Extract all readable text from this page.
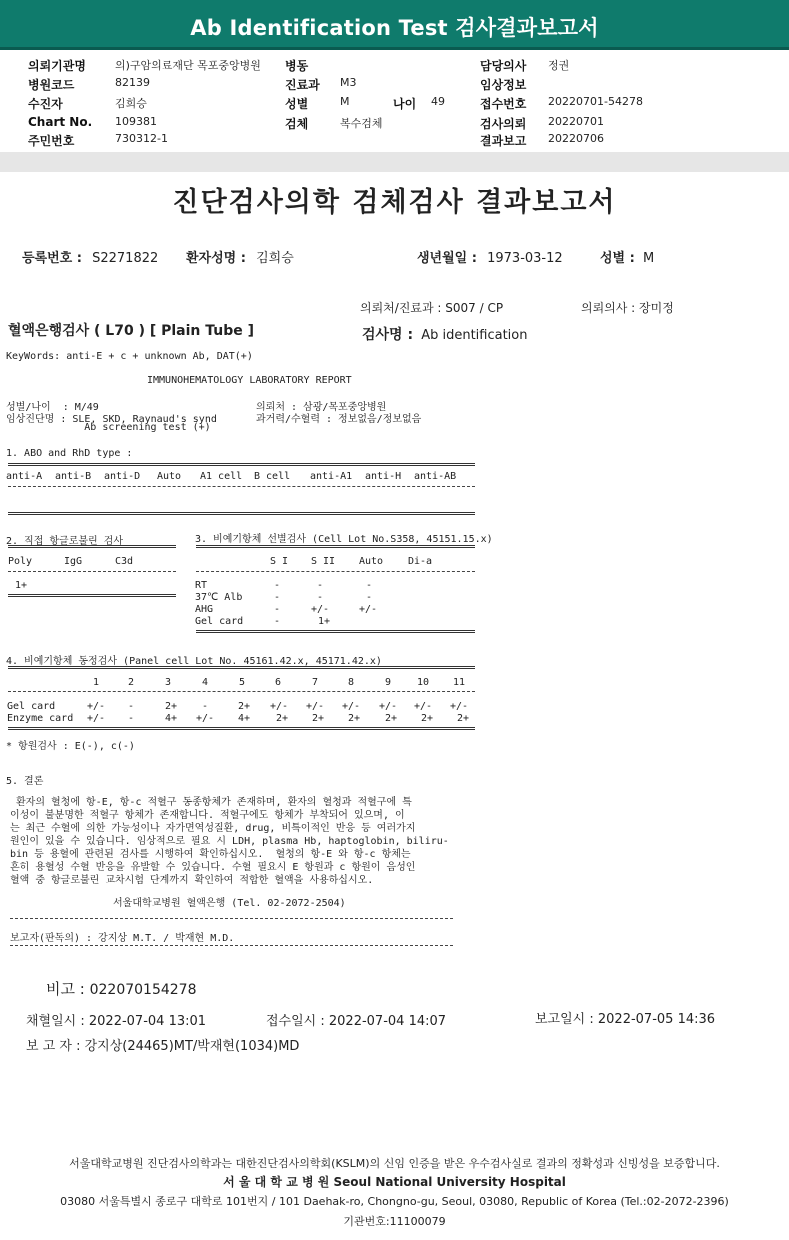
Ab Identification Test 검사결과보고서
의뢰기관명	의)구암의료재단 목포중앙병원 병동	담당의사 정권
병원코드	82139	진료과 M3	임상정보
수진자	김희승	성별	M	나이 49	접수번호 20220701-54278
Chart No. 109381	검체	복수검체	검사의뢰 20220701
주민번호	730312-1	결과보고 20220706
진단검사의학 검체검사 결과보고서
등록번호 : S2271822 환자성명 : 김희승	생년월일 : 1973-03-12	성별 : M
의뢰처/진료과 : S007 / CP	의뢰의사 : 장미정
혈액은행검사 ( L70 ) [ Plain Tube ]	검사명 : Ab identification
KeyWords: anti-E + c + unknown Ab, DAT(+)
IMMUNOHEMATOLOGY LABORATORY REPORT
성별/나이  : M/49
임상진단명 : SLE, SKD, Raynaud's synd
Ab screening test (+)
의뢰처 : 삼광/목포중앙병원
과거력/수혈력 : 정보없음/정보없음
1. ABO and RhD type :
anti-A anti-B anti-D Auto A1 cell B cell anti-A1 anti-H anti-AB
2. 직접 항글로불린 검사
Poly	IgG	C3d
1+
3. 비예기항체 선별검사 (Cell Lot No.S358, 45151.15.x)
S I S II Auto Di-a
RT	-	-	-
37℃ Alb	-	-	-
AHG	-	+/-	+/-
Gel card	-	1+
4. 비예기항체 동정검사 (Panel cell Lot No. 45161.42.x, 45171.42.x)
1	2	3	4	5	6	7	8	9	10 11
Gel card	+/- -	2+ -	2+ +/- +/- +/- +/- +/- +/-
Enzyme card +/- -	4+ +/- 4+	2+ 2+ 2+ 2+ 2+ 2+
* 항원검사 : E(-), c(-)
5. 결론
환자의 혈청에 항-E, 항-c 적혈구 동종항체가 존재하며, 환자의 혈청과 적혈구에 특
이성이 불분명한 적혈구 항체가 존재합니다. 적혈구에도 항체가 부착되어 있으며, 이
는 최근 수혈에 의한 가능성이나 자가면역성질환, drug, 비특이적인 반응 등 여러가지
원인이 있을 수 있습니다. 임상적으로 필요 시 LDH, plasma Hb, haptoglobin, biliru-
bin 등 용혈에 관련된 검사를 시행하여 확인하십시오.  혈청의 항-E 와 항-c 항체는
흔히 용혈성 수혈 반응을 유발할 수 있습니다. 수혈 필요시 E 항원과 c 항원이 음성인
혈액 중 항글로불린 교차시험 단계까지 확인하여 적합한 혈액을 사용하십시오.
서울대학교병원 혈액은행 (Tel. 02-2072-2504)
보고자(판독의) : 강지상 M.T. / 박재현 M.D.
비고 : 022070154278
채혈일시 : 2022-07-04 13:01	접수일시 : 2022-07-04 14:07	보고일시 : 2022-07-05 14:36
보 고 자 : 강지상(24465)MT/박재현(1034)MD
서울대학교병원 진단검사의학과는 대한진단검사의학회(KSLM)의 신임 인증을 받은 우수검사실로 결과의 정확성과 신빙성을 보증합니다.
서 울 대 학 교 병 원 Seoul National University Hospital
03080 서울특별시 종로구 대학로 101번지 / 101 Daehak-ro, Chongno-gu, Seoul, 03080, Republic of Korea (Tel.:02-2072-2396)
기관번호:11100079
